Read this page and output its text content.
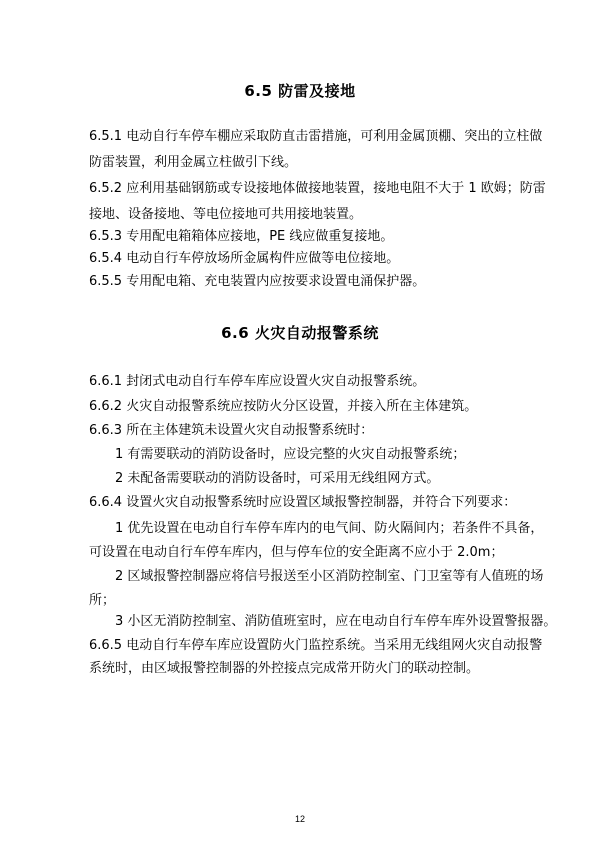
6.5 防雷及接地
6.5.1 电动自行车停车棚应采取防直击雷措施，可利用金属顶棚、突出的立柱做
防雷装置，利用金属立柱做引下线。
6.5.2 应利用基础钢筋或专设接地体做接地装置，接地电阻不大于 1 欧姆；防雷
接地、设备接地、等电位接地可共用接地装置。
6.5.3 专用配电箱箱体应接地，PE 线应做重复接地。
6.5.4 电动自行车停放场所金属构件应做等电位接地。
6.5.5 专用配电箱、充电装置内应按要求设置电涌保护器。
6.6 火灾自动报警系统
6.6.1 封闭式电动自行车停车库应设置火灾自动报警系统。
6.6.2 火灾自动报警系统应按防火分区设置，并接入所在主体建筑。
6.6.3 所在主体建筑未设置火灾自动报警系统时：
1 有需要联动的消防设备时，应设完整的火灾自动报警系统；
2 未配备需要联动的消防设备时，可采用无线组网方式。
6.6.4 设置火灾自动报警系统时应设置区域报警控制器，并符合下列要求：
1 优先设置在电动自行车停车库内的电气间、防火隔间内；若条件不具备，
可设置在电动自行车停车库内，但与停车位的安全距离不应小于 2.0m；
2 区域报警控制器应将信号报送至小区消防控制室、门卫室等有人值班的场
所；
3 小区无消防控制室、消防值班室时，应在电动自行车停车库外设置警报器。
6.6.5 电动自行车停车库应设置防火门监控系统。当采用无线组网火灾自动报警
系统时，由区域报警控制器的外控接点完成常开防火门的联动控制。
12
